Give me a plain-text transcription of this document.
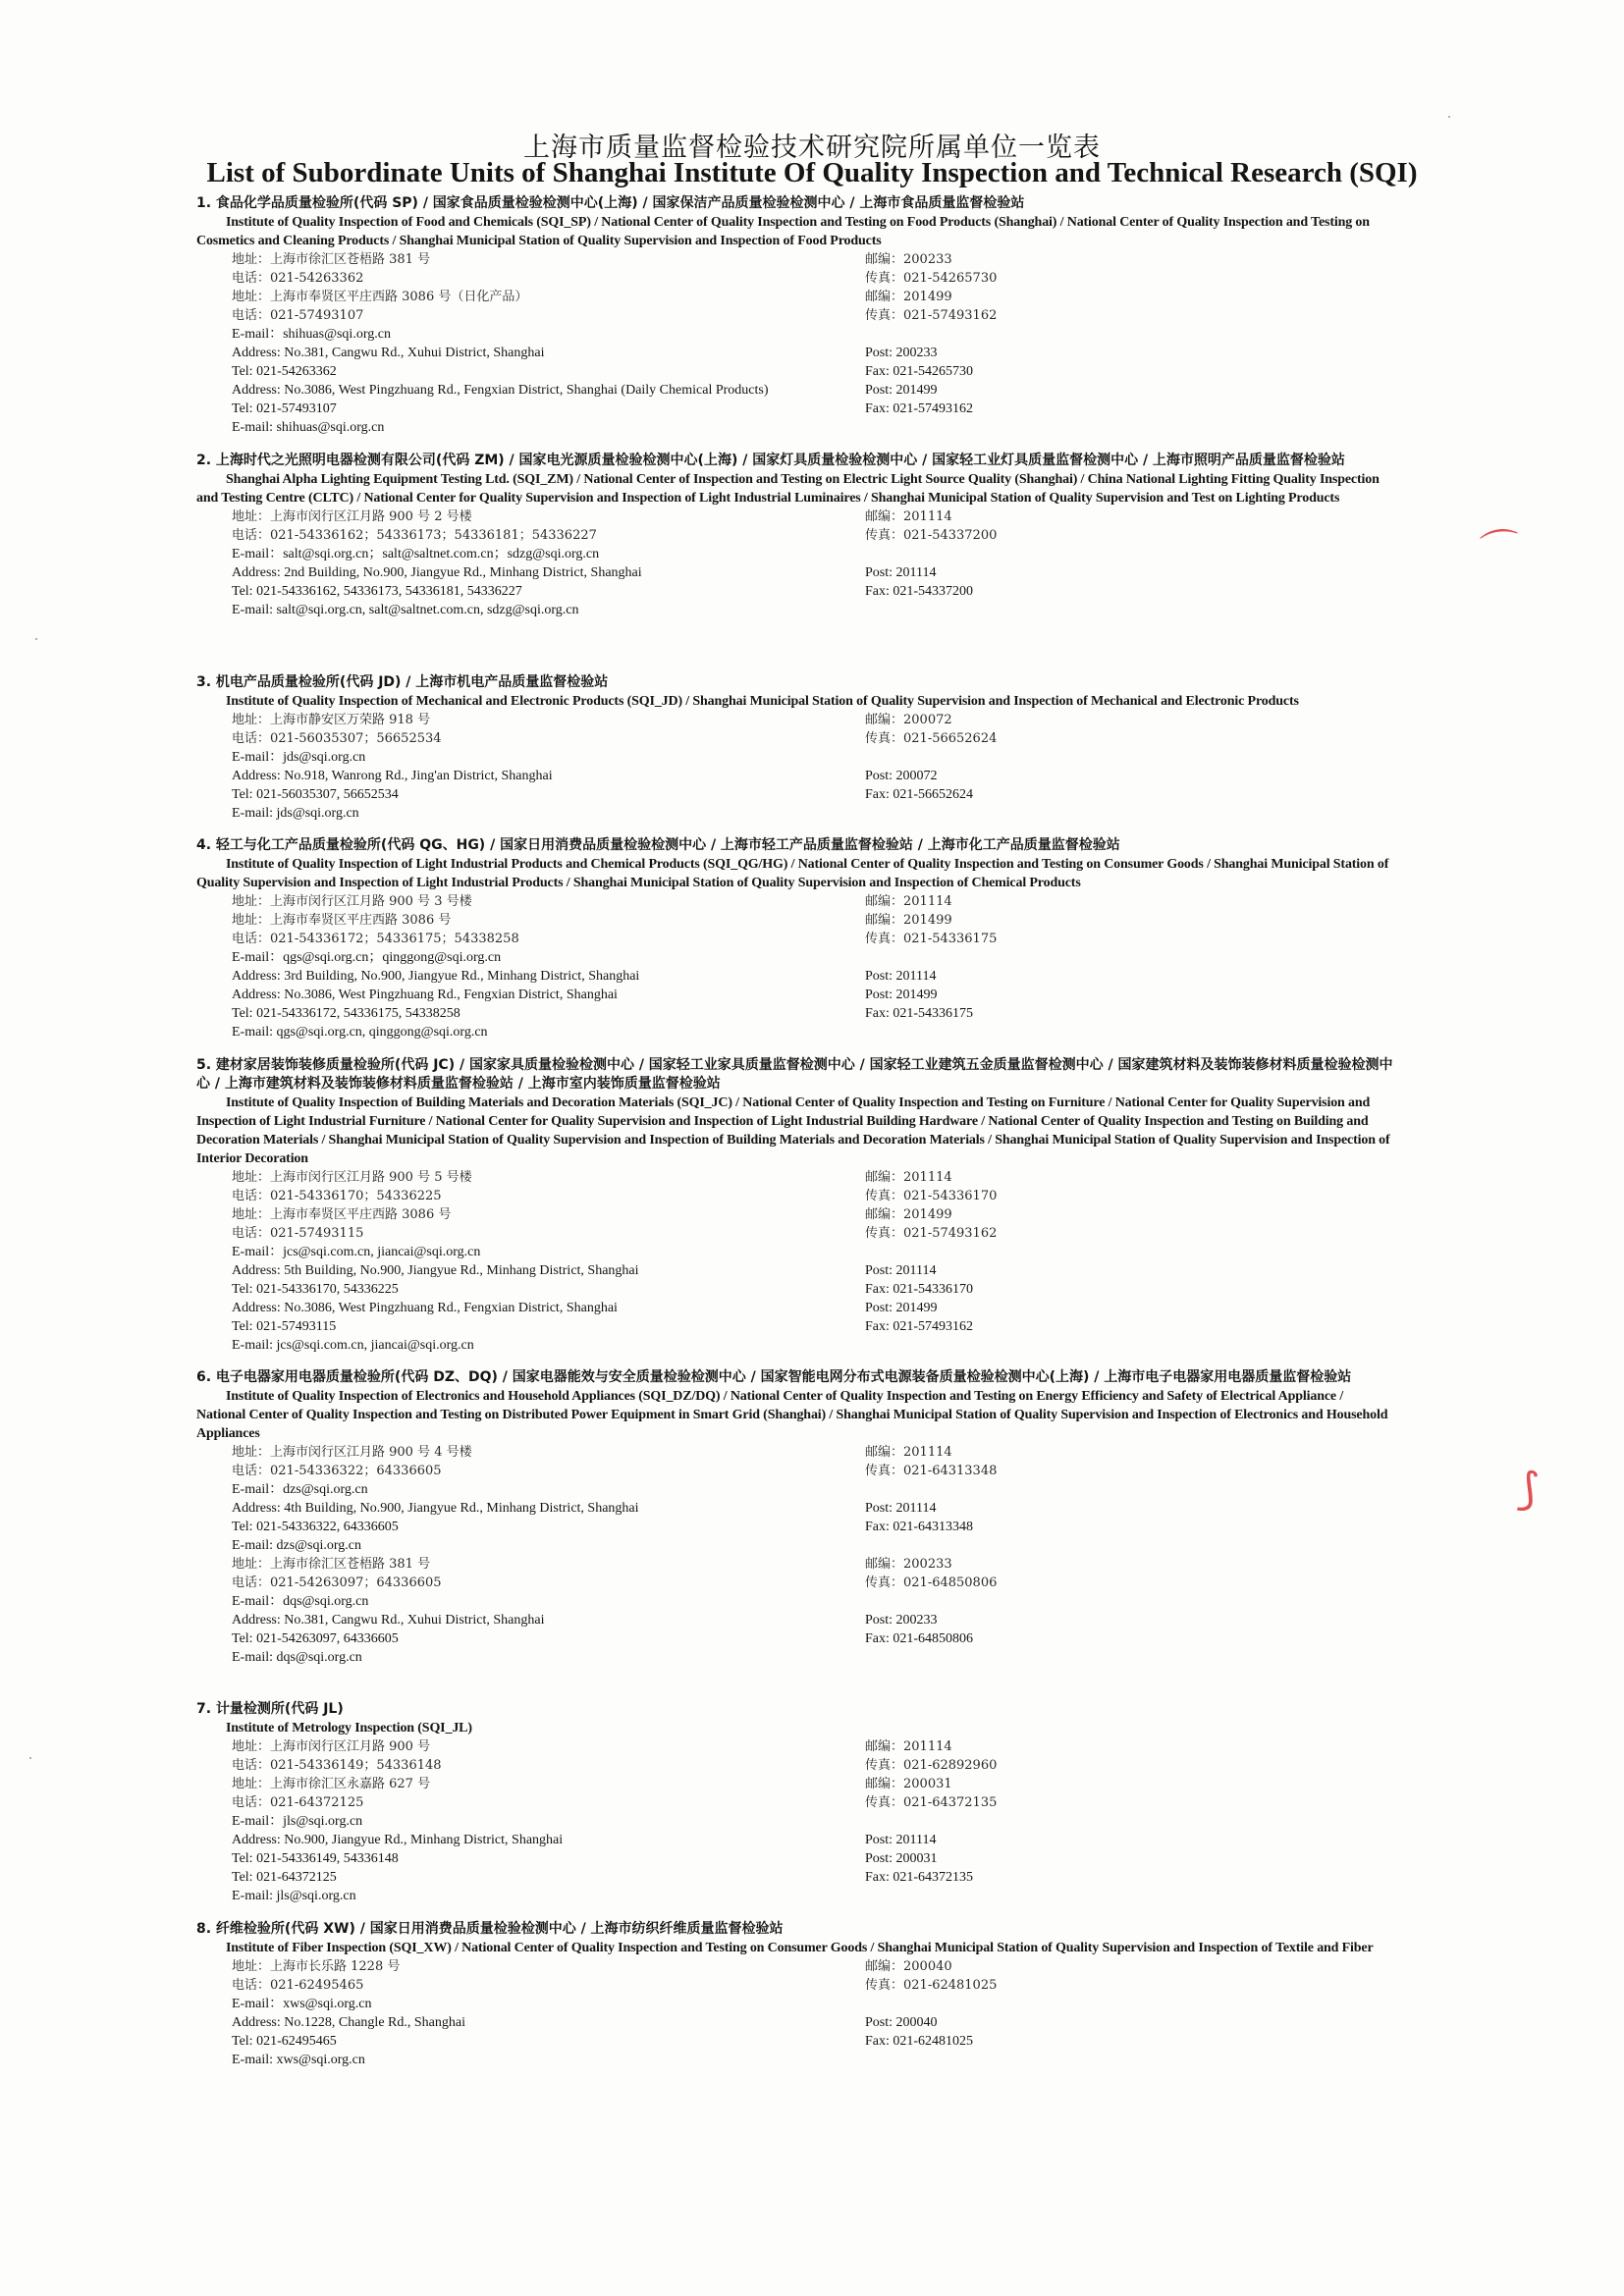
上海市质量监督检验技术研究院所属单位一览表
List of Subordinate Units of Shanghai Institute Of Quality Inspection and Technical Research (SQI)

1. 食品化学品质量检验所(代码 SP) / 国家食品质量检验检测中心(上海) / 国家保洁产品质量检验检测中心 / 上海市食品质量监督检验站

Institute of Quality Inspection of Food and Chemicals (SQI_SP) / National Center of Quality Inspection and Testing on Food Products (Shanghai) / National Center of Quality Inspection and Testing on Cosmetics and Cleaning Products / Shanghai Municipal Station of Quality Supervision and Inspection of Food Products

地址：上海市徐汇区苍梧路 381 号	邮编：200233
电话：021-54263362	传真：021-54265730
地址：上海市奉贤区平庄西路 3086 号（日化产品）	邮编：201499
电话：021-57493107	传真：021-57493162
E-mail：shihuas@sqi.org.cn
Address: No.381, Cangwu Rd., Xuhui District, Shanghai	Post: 200233
Tel: 021-54263362	Fax: 021-54265730
Address: No.3086, West Pingzhuang Rd., Fengxian District, Shanghai (Daily Chemical Products)	Post: 201499
Tel: 021-57493107	Fax: 021-57493162
E-mail: shihuas@sqi.org.cn

2. 上海时代之光照明电器检测有限公司(代码 ZM) / 国家电光源质量检验检测中心(上海) / 国家灯具质量检验检测中心 / 国家轻工业灯具质量监督检测中心 / 上海市照明产品质量监督检验站

Shanghai Alpha Lighting Equipment Testing Ltd. (SQI_ZM) / National Center of Inspection and Testing on Electric Light Source Quality (Shanghai) / China National Lighting Fitting Quality Inspection and Testing Centre (CLTC) / National Center for Quality Supervision and Inspection of Light Industrial Luminaires / Shanghai Municipal Station of Quality Supervision and Test on Lighting Products

地址：上海市闵行区江月路 900 号 2 号楼	邮编：201114
电话：021-54336162；54336173；54336181；54336227	传真：021-54337200
E-mail：salt@sqi.org.cn；salt@saltnet.com.cn；sdzg@sqi.org.cn
Address: 2nd Building, No.900, Jiangyue Rd., Minhang District, Shanghai	Post: 201114
Tel: 021-54336162, 54336173, 54336181, 54336227	Fax: 021-54337200
E-mail: salt@sqi.org.cn, salt@saltnet.com.cn, sdzg@sqi.org.cn

3. 机电产品质量检验所(代码 JD) / 上海市机电产品质量监督检验站

Institute of Quality Inspection of Mechanical and Electronic Products (SQI_JD) / Shanghai Municipal Station of Quality Supervision and Inspection of Mechanical and Electronic Products

地址：上海市静安区万荣路 918 号	邮编：200072
电话：021-56035307；56652534	传真：021-56652624
E-mail：jds@sqi.org.cn
Address: No.918, Wanrong Rd., Jing'an District, Shanghai	Post: 200072
Tel: 021-56035307, 56652534	Fax: 021-56652624
E-mail: jds@sqi.org.cn

4. 轻工与化工产品质量检验所(代码 QG、HG) / 国家日用消费品质量检验检测中心 / 上海市轻工产品质量监督检验站 / 上海市化工产品质量监督检验站

Institute of Quality Inspection of Light Industrial Products and Chemical Products (SQI_QG/HG) / National Center of Quality Inspection and Testing on Consumer Goods / Shanghai Municipal Station of Quality Supervision and Inspection of Light Industrial Products / Shanghai Municipal Station of Quality Supervision and Inspection of Chemical Products

地址：上海市闵行区江月路 900 号 3 号楼	邮编：201114
地址：上海市奉贤区平庄西路 3086 号	邮编：201499
电话：021-54336172；54336175；54338258	传真：021-54336175
E-mail：qgs@sqi.org.cn；qinggong@sqi.org.cn
Address: 3rd Building, No.900, Jiangyue Rd., Minhang District, Shanghai	Post: 201114
Address: No.3086, West Pingzhuang Rd., Fengxian District, Shanghai	Post: 201499
Tel: 021-54336172, 54336175, 54338258	Fax: 021-54336175
E-mail: qgs@sqi.org.cn, qinggong@sqi.org.cn

5. 建材家居装饰装修质量检验所(代码 JC) / 国家家具质量检验检测中心 / 国家轻工业家具质量监督检测中心 / 国家轻工业建筑五金质量监督检测中心 / 国家建筑材料及装饰装修材料质量检验检测中心 / 上海市建筑材料及装饰装修材料质量监督检验站 / 上海市室内装饰质量监督检验站

Institute of Quality Inspection of Building Materials and Decoration Materials (SQI_JC) / National Center of Quality Inspection and Testing on Furniture / National Center for Quality Supervision and Inspection of Light Industrial Furniture / National Center for Quality Supervision and Inspection of Light Industrial Building Hardware / National Center of Quality Inspection and Testing on Building and Decoration Materials / Shanghai Municipal Station of Quality Supervision and Inspection of Building Materials and Decoration Materials / Shanghai Municipal Station of Quality Supervision and Inspection of Interior Decoration

地址：上海市闵行区江月路 900 号 5 号楼	邮编：201114
电话：021-54336170；54336225	传真：021-54336170
地址：上海市奉贤区平庄西路 3086 号	邮编：201499
电话：021-57493115	传真：021-57493162
E-mail：jcs@sqi.com.cn, jiancai@sqi.org.cn
Address: 5th Building, No.900, Jiangyue Rd., Minhang District, Shanghai	Post: 201114
Tel: 021-54336170, 54336225	Fax: 021-54336170
Address: No.3086, West Pingzhuang Rd., Fengxian District, Shanghai	Post: 201499
Tel: 021-57493115	Fax: 021-57493162
E-mail: jcs@sqi.com.cn, jiancai@sqi.org.cn

6. 电子电器家用电器质量检验所(代码 DZ、DQ) / 国家电器能效与安全质量检验检测中心 / 国家智能电网分布式电源装备质量检验检测中心(上海) / 上海市电子电器家用电器质量监督检验站

Institute of Quality Inspection of Electronics and Household Appliances (SQI_DZ/DQ) / National Center of Quality Inspection and Testing on Energy Efficiency and Safety of Electrical Appliance / National Center of Quality Inspection and Testing on Distributed Power Equipment in Smart Grid (Shanghai) / Shanghai Municipal Station of Quality Supervision and Inspection of Electronics and Household Appliances

地址：上海市闵行区江月路 900 号 4 号楼	邮编：201114
电话：021-54336322；64336605	传真：021-64313348
E-mail：dzs@sqi.org.cn
Address: 4th Building, No.900, Jiangyue Rd., Minhang District, Shanghai	Post: 201114
Tel: 021-54336322, 64336605	Fax: 021-64313348
E-mail: dzs@sqi.org.cn
地址：上海市徐汇区苍梧路 381 号	邮编：200233
电话：021-54263097；64336605	传真：021-64850806
E-mail：dqs@sqi.org.cn
Address: No.381, Cangwu Rd., Xuhui District, Shanghai	Post: 200233
Tel: 021-54263097, 64336605	Fax: 021-64850806
E-mail: dqs@sqi.org.cn

7. 计量检测所(代码 JL)

Institute of Metrology Inspection (SQI_JL)

地址：上海市闵行区江月路 900 号	邮编：201114
电话：021-54336149；54336148	传真：021-62892960
地址：上海市徐汇区永嘉路 627 号	邮编：200031
电话：021-64372125	传真：021-64372135
E-mail：jls@sqi.org.cn
Address: No.900, Jiangyue Rd., Minhang District, Shanghai	Post: 201114
Tel: 021-54336149, 54336148	Post: 200031
Tel: 021-64372125	Fax: 021-64372135
E-mail: jls@sqi.org.cn

8. 纤维检验所(代码 XW) / 国家日用消费品质量检验检测中心 / 上海市纺织纤维质量监督检验站

Institute of Fiber Inspection (SQI_XW) / National Center of Quality Inspection and Testing on Consumer Goods / Shanghai Municipal Station of Quality Supervision and Inspection of Textile and Fiber

地址：上海市长乐路 1228 号	邮编：200040
电话：021-62495465	传真：021-62481025
E-mail：xws@sqi.org.cn
Address: No.1228, Changle Rd., Shanghai	Post: 200040
Tel: 021-62495465	Fax: 021-62481025
E-mail: xws@sqi.org.cn
⌒
⟆
